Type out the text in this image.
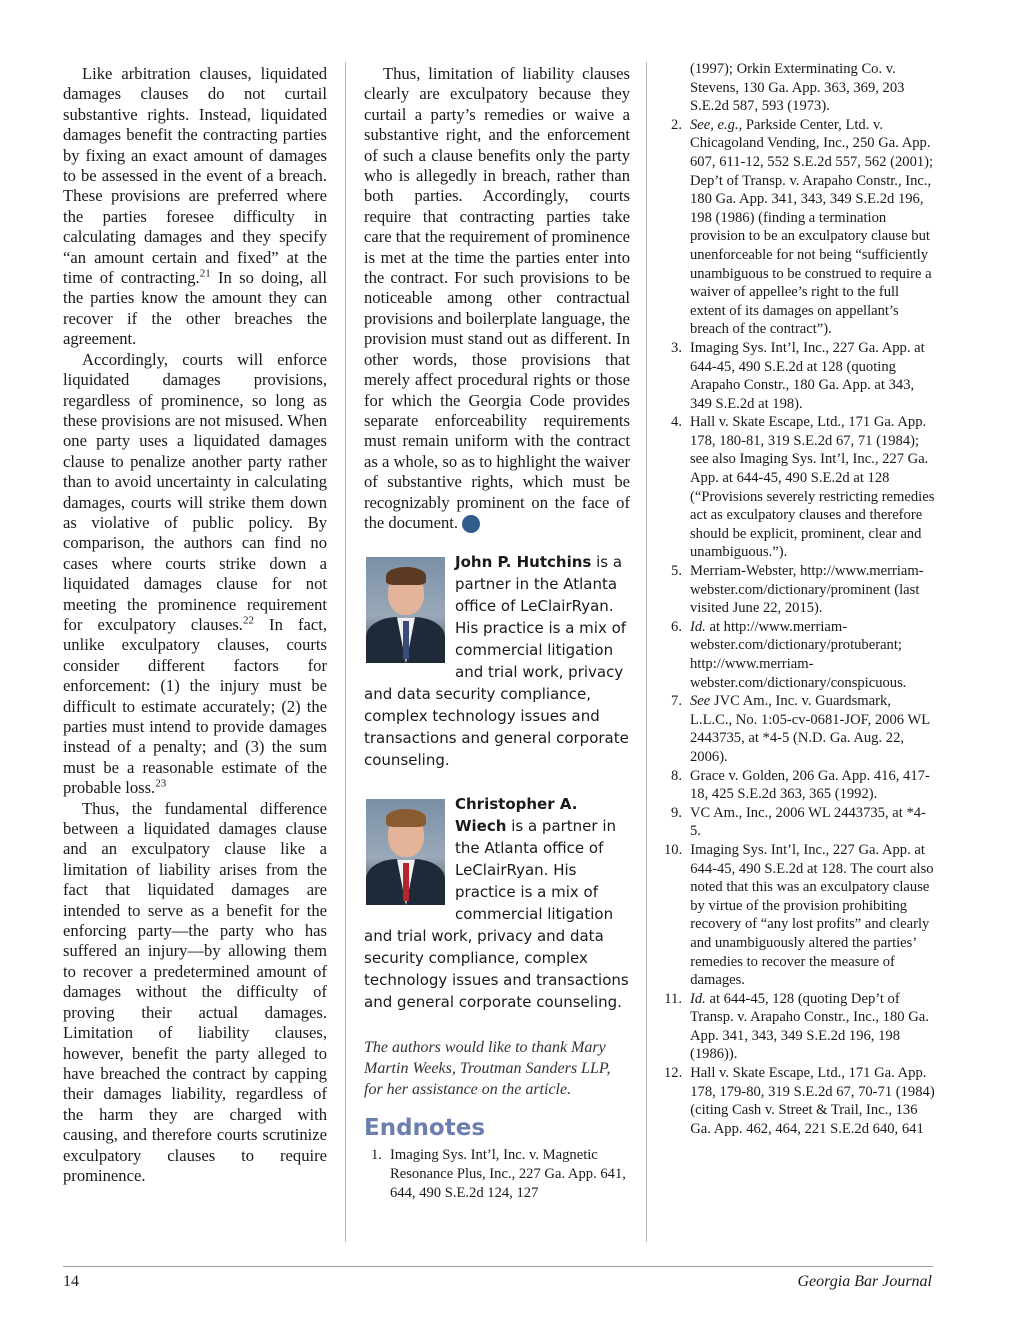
Like arbitration clauses, liquidated damages clauses do not curtail substantive rights. Instead, liquidated damages benefit the contracting parties by fixing an exact amount of damages to be assessed in the event of a breach. These provisions are preferred where the parties foresee difficulty in calculating damages and they specify “an amount certain and fixed” at the time of contracting.$^{21}$ In so doing, all the parties know the amount they can recover if the other breaches the agreement.

Accordingly, courts will enforce liquidated damages provisions, regardless of prominence, so long as these provisions are not misused. When one party uses a liquidated damages clause to penalize another party rather than to avoid uncertainty in calculating damages, courts will strike them down as violative of public policy. By comparison, the authors can find no cases where courts strike down a liquidated damages clause for not meeting the prominence requirement for exculpatory clauses.$^{22}$ In fact, unlike exculpatory clauses, courts consider different factors for enforcement: (1) the injury must be difficult to estimate accurately; (2) the parties must intend to provide damages instead of a penalty; and (3) the sum must be a reasonable estimate of the probable loss.$^{23}$

Thus, the fundamental difference between a liquidated damages clause and an exculpatory clause like a limitation of liability arises from the fact that liquidated damages are intended to serve as a benefit for the enforcing party—the party who has suffered an injury—by allowing them to recover a predetermined amount of damages without the difficulty of proving their actual damages. Limitation of liability clauses, however, benefit the party alleged to have breached the contract by capping their damages liability, regardless of the harm they are charged with causing, and therefore courts scrutinize exculpatory clauses to require prominence.

Thus, limitation of liability clauses clearly are exculpatory because they curtail a party’s remedies or waive a substantive right, and the enforcement of such a clause benefits only the party who is allegedly in breach, rather than both parties. Accordingly, courts require that contracting parties take care that the requirement of prominence is met at the time the parties enter into the contract. For such provisions to be noticeable among other contractual provisions and boilerplate language, the provision must stand out as different. In other words, those provisions that merely affect procedural rights or those for which the Georgia Code provides separate enforceability requirements must remain uniform with the contract as a whole, so as to highlight the waiver of substantive rights, which must be recognizably prominent on the face of the document.	GBJ

John P. Hutchins is a partner in the Atlanta office of LeClairRyan. His practice is a mix of commercial litigation and trial work, privacy and data security compliance, complex technology issues and transactions and general corporate counseling.

Christopher A. Wiech is a partner in the Atlanta office of LeClairRyan. His practice is a mix of commercial litigation and trial work, privacy and data security compliance, complex technology issues and transactions and general corporate counseling.

The authors would like to thank Mary Martin Weeks, Troutman Sanders LLP, for her assistance on the article.

Endnotes
1. Imaging Sys. Int’l, Inc. v. Magnetic Resonance Plus, Inc., 227 Ga. App. 641, 644, 490 S.E.2d 124, 127
(1997); Orkin Exterminating Co. v. Stevens, 130 Ga. App. 363, 369, 203 S.E.2d 587, 593 (1973).
2. See, e.g., Parkside Center, Ltd. v. Chicagoland Vending, Inc., 250 Ga. App. 607, 611-12, 552 S.E.2d 557, 562 (2001); Dep’t of Transp. v. Arapaho Constr., Inc., 180 Ga. App. 341, 343, 349 S.E.2d 196, 198 (1986) (finding a termination provision to be an exculpatory clause but unenforceable for not being “sufficiently unambiguous to be construed to require a waiver of appellee’s right to the full extent of its damages on appellant’s breach of the contract”).
3. Imaging Sys. Int’l, Inc., 227 Ga. App. at 644-45, 490 S.E.2d at 128 (quoting Arapaho Constr., 180 Ga. App. at 343, 349 S.E.2d at 198).
4. Hall v. Skate Escape, Ltd., 171 Ga. App. 178, 180-81, 319 S.E.2d 67, 71 (1984); see also Imaging Sys. Int’l, Inc., 227 Ga. App. at 644-45, 490 S.E.2d at 128 (“Provisions severely restricting remedies act as exculpatory clauses and therefore should be explicit, prominent, clear and unambiguous.”).
5. Merriam-Webster, http://www.merriam-webster.com/dictionary/prominent (last visited June 22, 2015).
6. Id. at http://www.merriam-webster.com/dictionary/protuberant; http://www.merriam-webster.com/dictionary/conspicuous.
7. See JVC Am., Inc. v. Guardsmark, L.L.C., No. 1:05-cv-0681-JOF, 2006 WL 2443735, at *4-5 (N.D. Ga. Aug. 22, 2006).
8. Grace v. Golden, 206 Ga. App. 416, 417-18, 425 S.E.2d 363, 365 (1992).
9. VC Am., Inc., 2006 WL 2443735, at *4-5.
10. Imaging Sys. Int’l, Inc., 227 Ga. App. at 644-45, 490 S.E.2d at 128. The court also noted that this was an exculpatory clause by virtue of the provision prohibiting recovery of “any lost profits” and clearly and unambiguously altered the parties’ remedies to recover the measure of damages.
11. Id. at 644-45, 128 (quoting Dep’t of Transp. v. Arapaho Constr., Inc., 180 Ga. App. 341, 343, 349 S.E.2d 196, 198 (1986)).
12. Hall v. Skate Escape, Ltd., 171 Ga. App. 178, 179-80, 319 S.E.2d 67, 70-71 (1984) (citing Cash v. Street & Trail, Inc., 136 Ga. App. 462, 464, 221 S.E.2d 640, 641
14	Georgia Bar Journal
